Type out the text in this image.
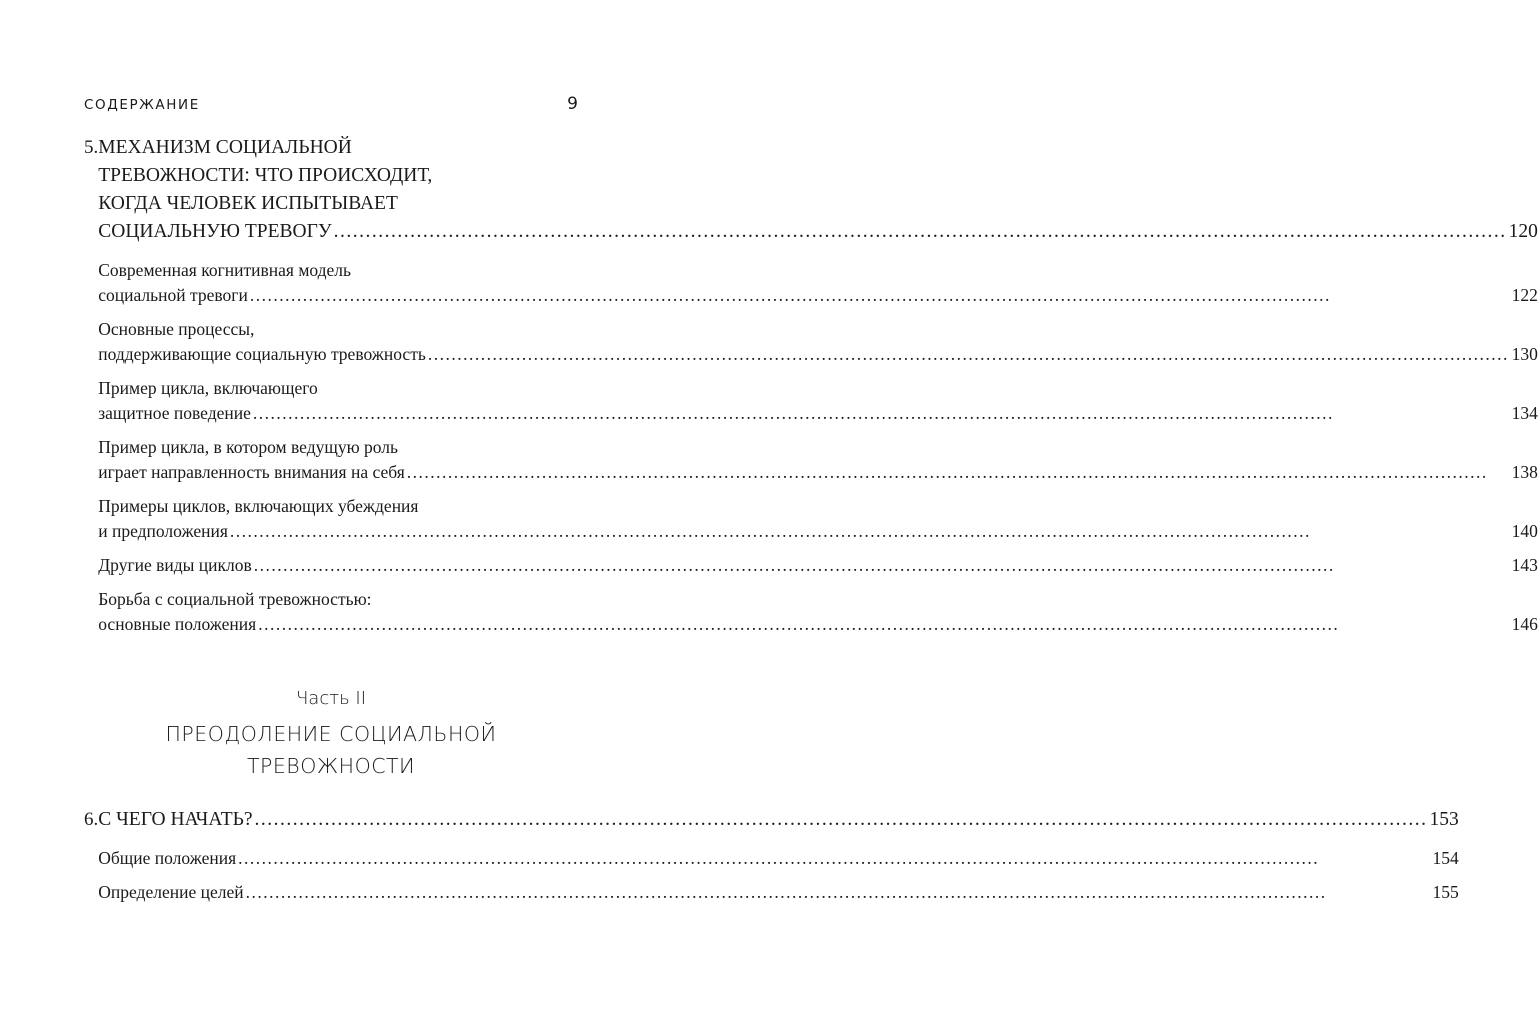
СОДЕРЖАНИЕ	9
5. МЕХАНИЗМ СОЦИАЛЬНОЙ
ТРЕВОЖНОСТИ: ЧТО ПРОИСХОДИТ,
КОГДА ЧЕЛОВЕК ИСПЫТЫВАЕТ
СОЦИАЛЬНУЮ ТРЕВОГУ .....	120
Современная когнитивная модель
социальной тревоги .....	122
Основные процессы,
поддерживающие социальную тревожность .....	130
Пример цикла, включающего
защитное поведение .....	134
Пример цикла, в котором ведущую роль
играет направленность внимания на себя .....	138
Примеры циклов, включающих убеждения
и предположения .....	140
Другие виды циклов .....	143
Борьба с социальной тревожностью:
основные положения .....	146
Часть II
ПРЕОДОЛЕНИЕ СОЦИАЛЬНОЙ
ТРЕВОЖНОСТИ
6. С ЧЕГО НАЧАТЬ? .....	153
Общие положения .....	154
Определение целей .....	155
